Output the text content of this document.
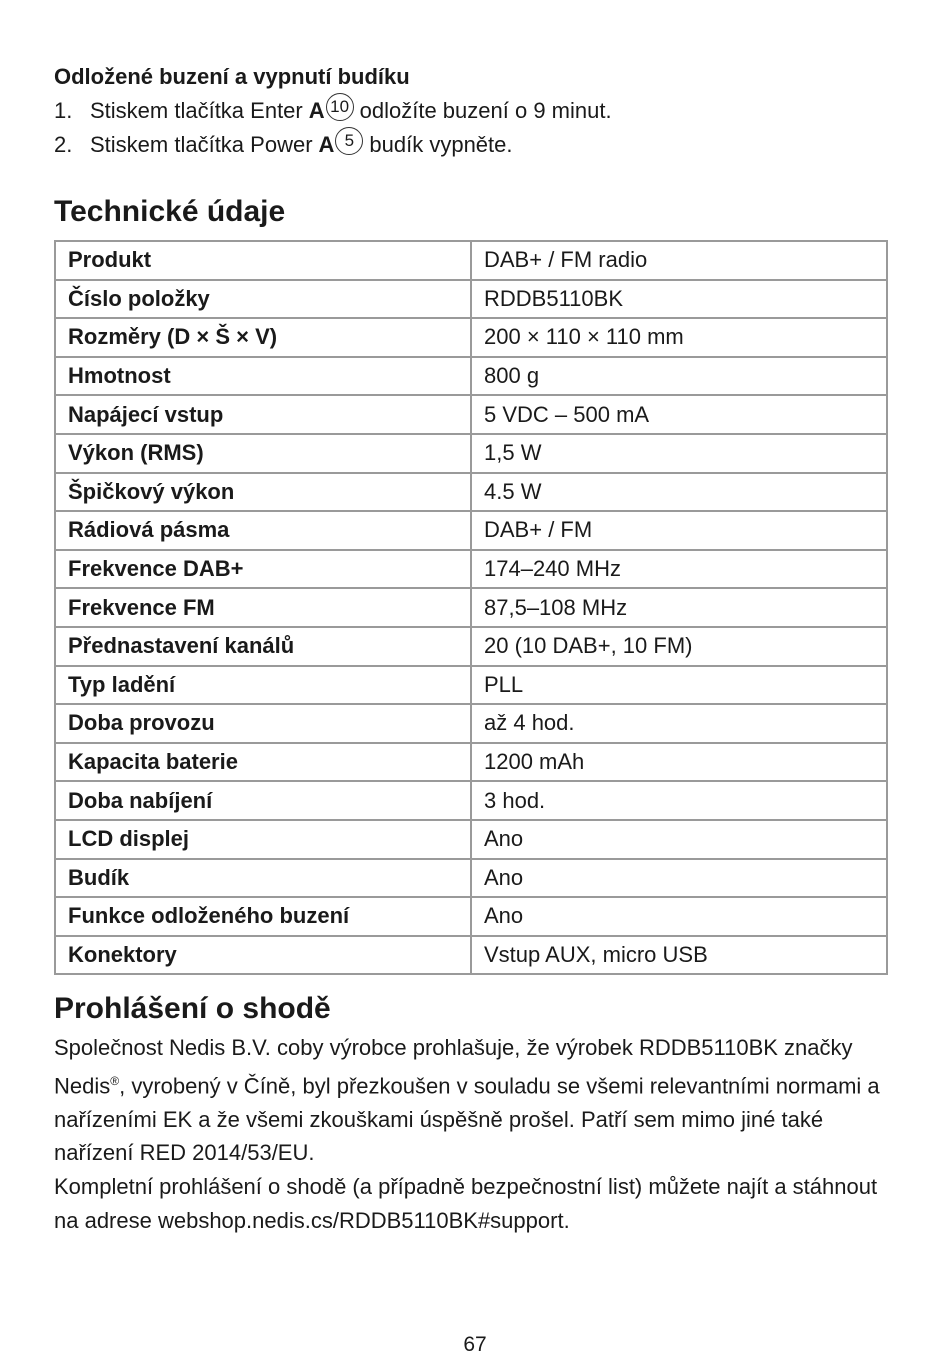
Odložené buzení a vypnutí budíku

1. Stiskem tlačítka Enter A 10 odložíte buzení o 9 minut.
2. Stiskem tlačítka Power A 5 budík vypněte.
Technické údaje
Produkt	DAB+ / FM radio
Číslo položky	RDDB5110BK
Rozměry (D × Š × V)	200 × 110 × 110 mm
Hmotnost	800 g
Napájecí vstup	5 VDC – 500 mA
Výkon (RMS)	1,5 W
Špičkový výkon	4.5 W
Rádiová pásma	DAB+ / FM
Frekvence DAB+	174–240 MHz
Frekvence FM	87,5–108 MHz
Přednastavení kanálů	20 (10 DAB+, 10 FM)
Typ ladění	PLL
Doba provozu	až 4 hod.
Kapacita baterie	1200 mAh
Doba nabíjení	3 hod.
LCD displej	Ano
Budík	Ano
Funkce odloženého buzení	Ano
Konektory	Vstup AUX, micro USB
Prohlášení o shodě

Společnost Nedis B.V. coby výrobce prohlašuje, že výrobek RDDB5110BK značky Nedis®, vyrobený v Číně, byl přezkoušen v souladu se všemi relevantními normami a nařízeními EK a že všemi zkouškami úspěšně prošel. Patří sem mimo jiné také nařízení RED 2014/53/EU.

Kompletní prohlášení o shodě (a případně bezpečnostní list) můžete najít a stáhnout na adrese webshop.nedis.cs/RDDB5110BK#support.

67
